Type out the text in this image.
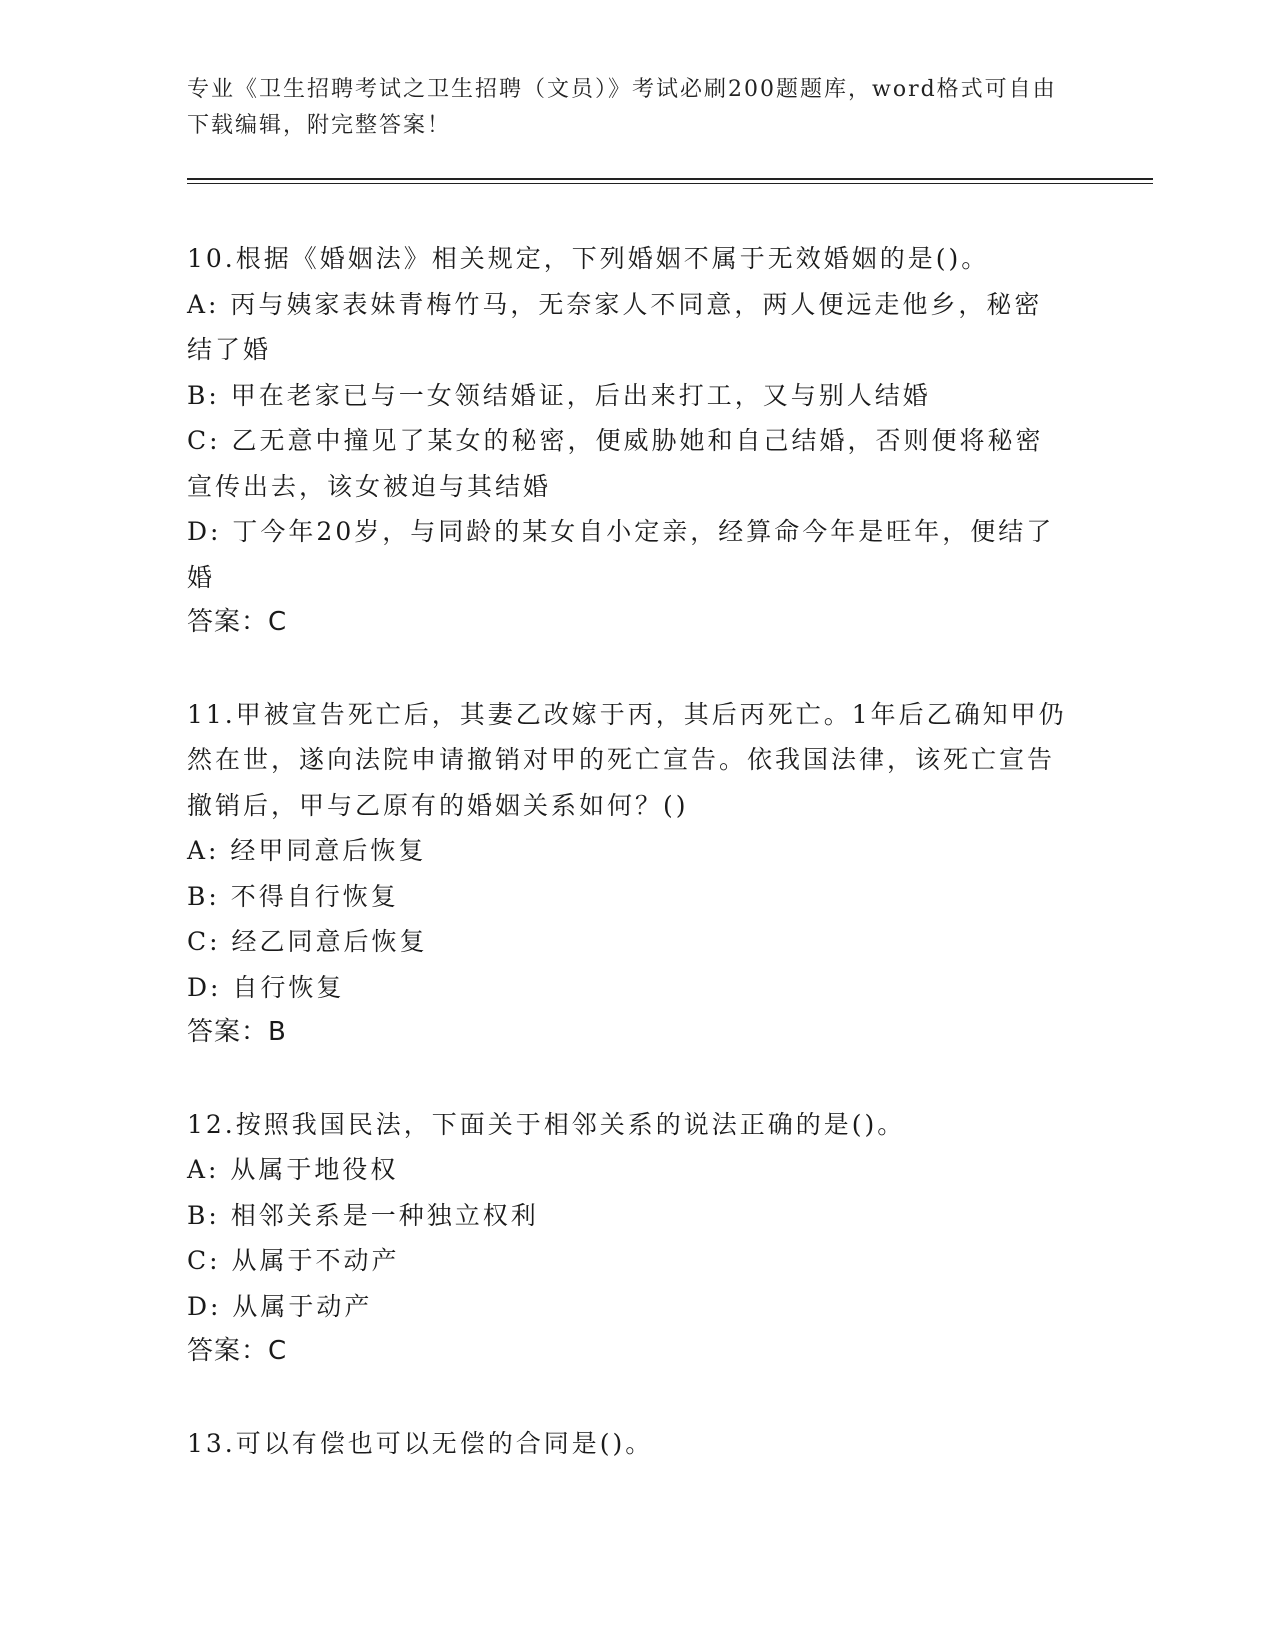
专业《卫生招聘考试之卫生招聘（文员）》考试必刷200题题库，word格式可自由下载编辑，附完整答案！

10.根据《婚姻法》相关规定，下列婚姻不属于无效婚姻的是()。

A: 丙与姨家表妹青梅竹马，无奈家人不同意，两人便远走他乡，秘密结了婚

B: 甲在老家已与一女领结婚证，后出来打工，又与别人结婚

C: 乙无意中撞见了某女的秘密，便威胁她和自己结婚，否则便将秘密宣传出去，该女被迫与其结婚

D: 丁今年20岁，与同龄的某女自小定亲，经算命今年是旺年，便结了婚

答案：C

11.甲被宣告死亡后，其妻乙改嫁于丙，其后丙死亡。1年后乙确知甲仍然在世，遂向法院申请撤销对甲的死亡宣告。依我国法律，该死亡宣告撤销后，甲与乙原有的婚姻关系如何？()

A: 经甲同意后恢复

B: 不得自行恢复

C: 经乙同意后恢复

D: 自行恢复

答案：B

12.按照我国民法，下面关于相邻关系的说法正确的是()。

A: 从属于地役权

B: 相邻关系是一种独立权利

C: 从属于不动产

D: 从属于动产

答案：C

13.可以有偿也可以无偿的合同是()。
